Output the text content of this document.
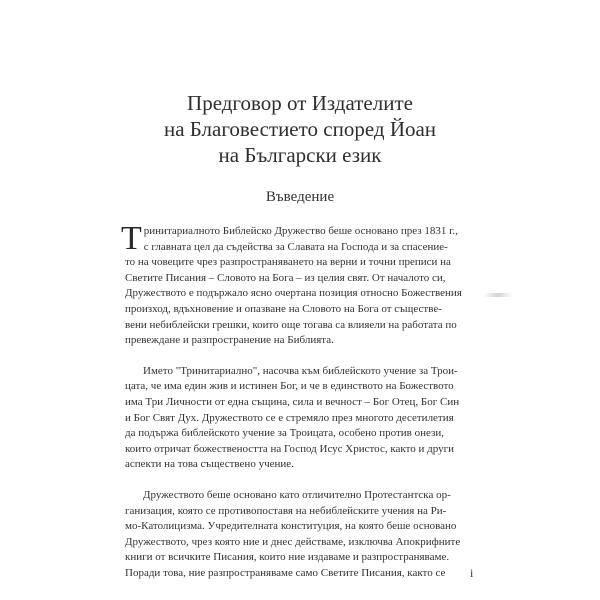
Предговор от Издателите
на Благовестието според Йоан
на Български език
Въведение
Т ринитариалното Библейско Дружество беше основано през 1831 г.,
с главната цел да съдейства за Славата на Господа и за спасение-
то на човеците чрез разпространяването на верни и точни преписи на
Светите Писания – Словото на Бога – из целия свят. От началото си,
Дружеството е подържало ясно очертана позиция относно Божествения
произход, вдъхновение и опазване на Словото на Бога от съществе-
вени небиблейски грешки, които още тогава са влияели на работата по
превеждане и разпространение на Библията.
Името "Тринитариално", насочва към библейското учение за Трои-
цата, че има един жив и истинен Бог, и че в единството на Божеството
има Три Личности от една същина, сила и вечност – Бог Отец, Бог Син
и Бог Свят Дух. Дружеството се е стремяло през многото десетилетия
да подържа библейското учение за Троицата, особено против онези,
които отричат божествеността на Господ Исус Христос, както и други
аспекти на това съществено учение.
Дружеството беше основано като отличително Протестантска ор-
ганизация, която се противопоставя на небиблейските учения на Ри-
мо-Католицизма. Учредителната конституция, на която беше основано
Дружеството, чрез която ние и днес действаме, изключва Апокрифните
книги от всичките Писания, които ние издаваме и разпространяваме.
Поради това, ние разпространяваме само Светите Писания, както се	i
